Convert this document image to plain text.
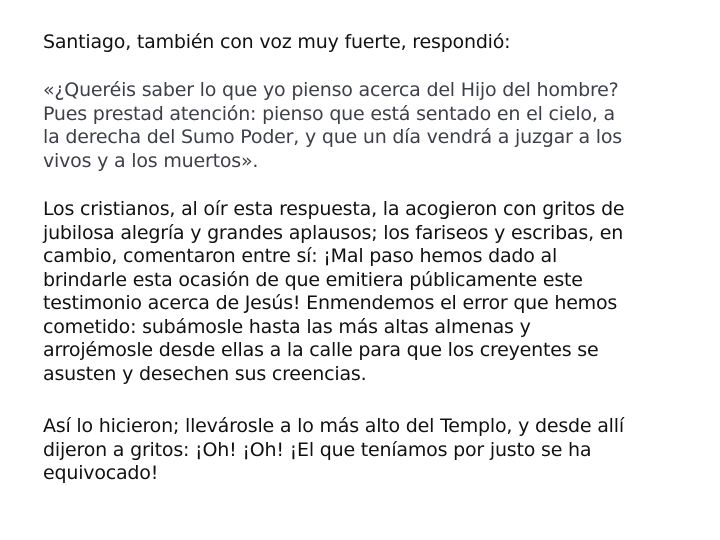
Santiago, también con voz muy fuerte, respondió:

«¿Queréis saber lo que yo pienso acerca del Hijo del hombre?
Pues prestad atención: pienso que está sentado en el cielo, a
la derecha del Sumo Poder, y que un día vendrá a juzgar a los
vivos y a los muertos».

Los cristianos, al oír esta respuesta, la acogieron con gritos de
jubilosa alegría y grandes aplausos; los fariseos y escribas, en
cambio, comentaron entre sí: ¡Mal paso hemos dado al
brindarle esta ocasión de que emitiera públicamente este
testimonio acerca de Jesús! Enmendemos el error que hemos
cometido: subámosle hasta las más altas almenas y
arrojémosle desde ellas a la calle para que los creyentes se
asusten y desechen sus creencias.

Así lo hicieron; llevárosle a lo más alto del Templo, y desde allí
dijeron a gritos: ¡Oh! ¡Oh! ¡El que teníamos por justo se ha
equivocado!
